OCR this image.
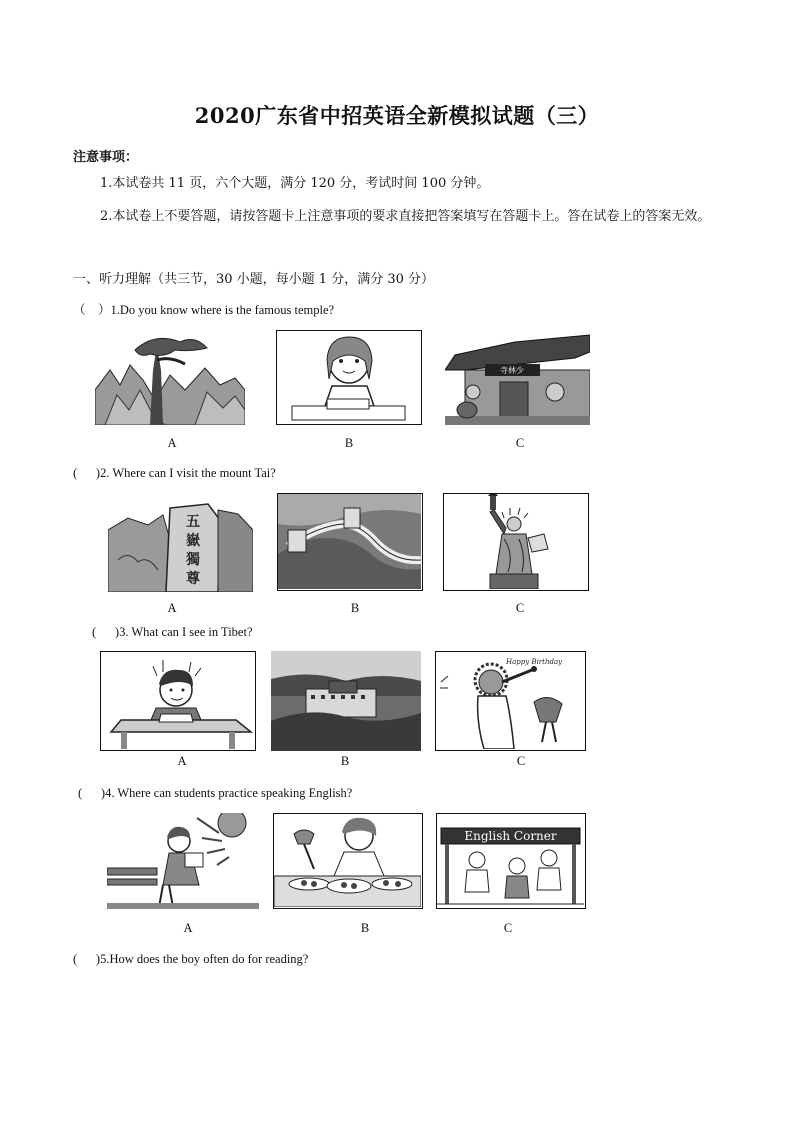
2020广东省中招英语全新模拟试题（三）
注意事项：
1.本试卷共 11 页，六个大题，满分 120 分，考试时间 100 分钟。
2.本试卷上不要答题，请按答题卡上注意事项的要求直接把答案填写在答题卡上。答在试卷上的答案无效。
一、听力理解（共三节，30 小题，每小题 1 分，满分 30 分）
（    ）1.Do you know where is the famous temple?
寺林少
A	B	C
(      )2. Where can I visit the mount Tai?
五
嶽
獨
尊
A	B	C
(      )3. What can I see in Tibet?
Happy Birthday
A	B	C
(      )4. Where can students practice speaking English?
English Corner
A	B	C
(      )5.How does the boy often do for reading?
